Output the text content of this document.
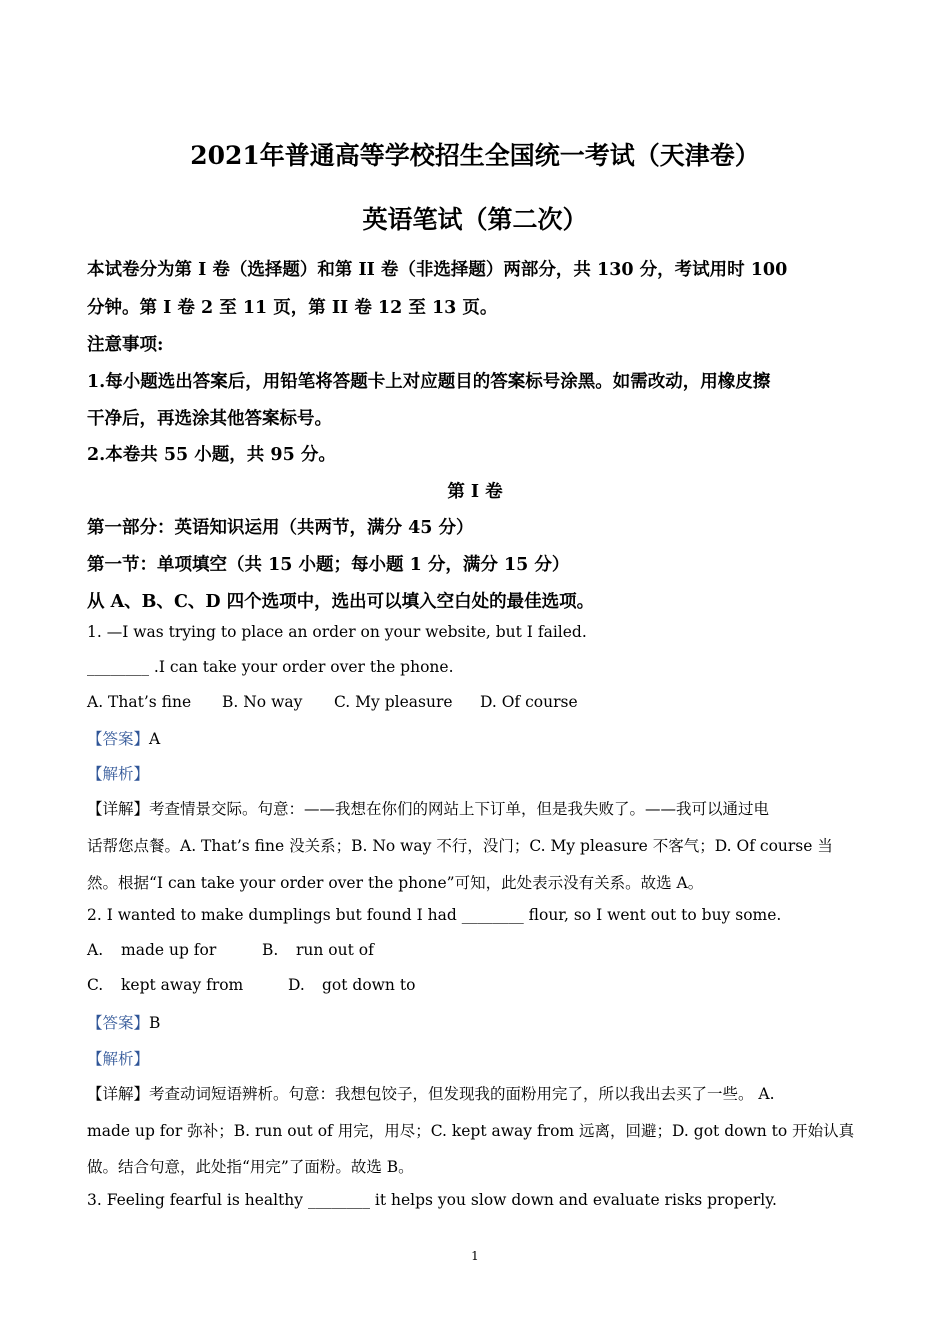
2021年普通高等学校招生全国统一考试（天津卷）
英语笔试（第二次）
本试卷分为第 I 卷（选择题）和第 II 卷（非选择题）两部分，共 130 分，考试用时 100
分钟。第 I 卷 2 至 11 页，第 II 卷 12 至 13 页。
注意事项:
1.每小题选出答案后，用铅笔将答题卡上对应题目的答案标号涂黑。如需改动，用橡皮擦
干净后，再选涂其他答案标号。
2.本卷共 55 小题，共 95 分。
第 I 卷
第一部分：英语知识运用（共两节，满分 45 分）
第一节：单项填空（共 15 小题；每小题 1 分，满分 15 分）
从 A、B、C、D 四个选项中，选出可以填入空白处的最佳选项。
1. —I was trying to place an order on your website, but I failed.
________ .I can take your order over the phone.
A. That’s fine B. No way C. My pleasure D. Of course
【答案】A
【解析】
【详解】考查情景交际。句意：——我想在你们的网站上下订单，但是我失败了。——我可以通过电
话帮您点餐。A. That’s fine 没关系；B. No way 不行，没门；C. My pleasure 不客气；D. Of course 当
然。根据“I can take your order over the phone”可知，此处表示没有关系。故选 A。
2. I wanted to make dumplings but found I had ________ flour, so I went out to buy some.
A. made up for	B. run out of
C. kept away from	D. got down to
【答案】B
【解析】
【详解】考查动词短语辨析。句意：我想包饺子，但发现我的面粉用完了，所以我出去买了一些。 A.
made up for 弥补；B. run out of 用完，用尽；C. kept away from 远离，回避；D. got down to 开始认真
做。结合句意，此处指“用完”了面粉。故选 B。
3. Feeling fearful is healthy ________ it helps you slow down and evaluate risks properly.
1
